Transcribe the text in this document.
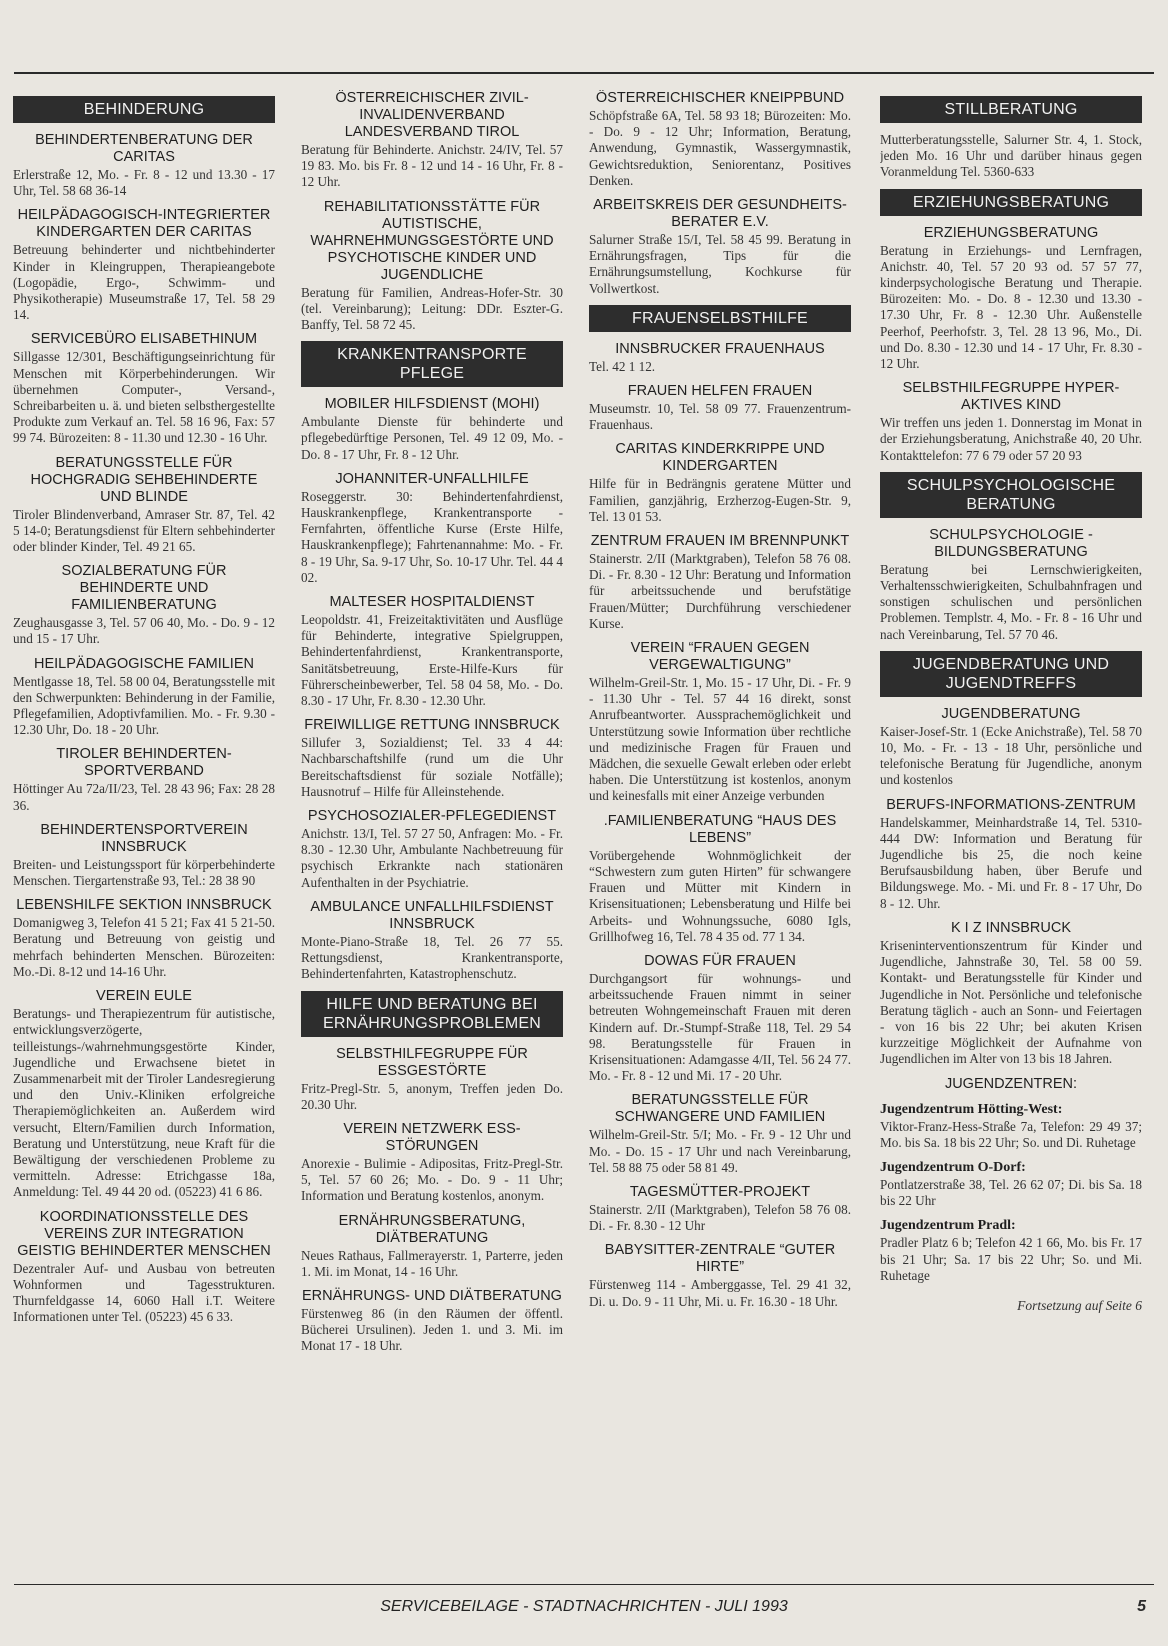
BEHINDERUNG
BEHINDERTENBERATUNG DER CARITAS
Erlerstraße 12, Mo. - Fr. 8 - 12 und 13.30 - 17 Uhr, Tel. 58 68 36-14
HEILPÄDAGOGISCH-INTEGRIERTER KINDERGARTEN DER CARITAS
Betreuung behinderter und nichtbehinderter Kinder in Kleingruppen, Therapieangebote (Logopädie, Ergo-, Schwimm- und Physikotherapie) Museumstraße 17, Tel. 58 29 14.
SERVICEBÜRO ELISABETHINUM
Sillgasse 12/301, Beschäftigungseinrichtung für Menschen mit Körperbehinderungen. Wir übernehmen Computer-, Versand-, Schreibarbeiten u. ä. und bieten selbsthergestellte Produkte zum Verkauf an. Tel. 58 16 96, Fax: 57 99 74. Bürozeiten: 8 - 11.30 und 12.30 - 16 Uhr.
BERATUNGSSTELLE FÜR HOCHGRADIG SEHBEHINDERTE UND BLINDE
Tiroler Blindenverband, Amraser Str. 87, Tel. 42 5 14-0; Beratungsdienst für Eltern sehbehinderter oder blinder Kinder, Tel. 49 21 65.
SOZIALBERATUNG FÜR BEHINDERTE UND FAMILIENBERATUNG
Zeughausgasse 3, Tel. 57 06 40, Mo. - Do. 9 - 12 und 15 - 17 Uhr.
HEILPÄDAGOGISCHE FAMILIEN
Mentlgasse 18, Tel. 58 00 04, Beratungsstelle mit den Schwerpunkten: Behinderung in der Familie, Pflegefamilien, Adoptivfamilien. Mo. - Fr. 9.30 - 12.30 Uhr, Do. 18 - 20 Uhr.
TIROLER BEHINDERTEN-SPORTVERBAND
Höttinger Au 72a/II/23, Tel. 28 43 96; Fax: 28 28 36.
BEHINDERTENSPORTVEREIN INNSBRUCK
Breiten- und Leistungssport für körperbehinderte Menschen. Tiergartenstraße 93, Tel.: 28 38 90
LEBENSHILFE SEKTION INNSBRUCK
Domanigweg 3, Telefon 41 5 21; Fax 41 5 21-50. Beratung und Betreuung von geistig und mehrfach behinderten Menschen. Bürozeiten: Mo.-Di. 8-12 und 14-16 Uhr.
VEREIN EULE
Beratungs- und Therapiezentrum für autistische, entwicklungsverzögerte, teilleistungs-/wahrnehmungsgestörte Kinder, Jugendliche und Erwachsene bietet in Zusammenarbeit mit der Tiroler Landesregierung und den Univ.-Kliniken erfolgreiche Therapiemöglichkeiten an. Außerdem wird versucht, Eltern/Familien durch Information, Beratung und Unterstützung, neue Kraft für die Bewältigung der verschiedenen Probleme zu vermitteln. Adresse: Etrichgasse 18a, Anmeldung: Tel. 49 44 20 od. (05223) 41 6 86.
KOORDINATIONSSTELLE DES VEREINS ZUR INTEGRATION GEISTIG BEHINDERTER MENSCHEN
Dezentraler Auf- und Ausbau von betreuten Wohnformen und Tagesstrukturen. Thurnfeldgasse 14, 6060 Hall i.T. Weitere Informationen unter Tel. (05223) 45 6 33.
ÖSTERREICHISCHER ZIVIL-INVALIDENVERBAND LANDESVERBAND TIROL
Beratung für Behinderte. Anichstr. 24/IV, Tel. 57 19 83. Mo. bis Fr. 8 - 12 und 14 - 16 Uhr, Fr. 8 - 12 Uhr.
REHABILITATIONSSTÄTTE FÜR AUTISTISCHE, WAHRNEHMUNGSGESTÖRTE UND PSYCHOTISCHE KINDER UND JUGENDLICHE
Beratung für Familien, Andreas-Hofer-Str. 30 (tel. Vereinbarung); Leitung: DDr. Eszter-G. Banffy, Tel. 58 72 45.
KRANKENTRANSPORTE PFLEGE
MOBILER HILFSDIENST (MOHI)
Ambulante Dienste für behinderte und pflegebedürftige Personen, Tel. 49 12 09, Mo. - Do. 8 - 17 Uhr, Fr. 8 - 12 Uhr.
JOHANNITER-UNFALLHILFE
Roseggerstr. 30: Behindertenfahrdienst, Hauskrankenpflege, Krankentransporte - Fernfahrten, öffentliche Kurse (Erste Hilfe, Hauskrankenpflege); Fahrtenannahme: Mo. - Fr. 8 - 19 Uhr, Sa. 9-17 Uhr, So. 10-17 Uhr. Tel. 44 4 02.
MALTESER HOSPITALDIENST
Leopoldstr. 41, Freizeitaktivitäten und Ausflüge für Behinderte, integrative Spielgruppen, Behindertenfahrdienst, Krankentransporte, Sanitätsbetreuung, Erste-Hilfe-Kurs für Führerscheinbewerber, Tel. 58 04 58, Mo. - Do. 8.30 - 17 Uhr, Fr. 8.30 - 12.30 Uhr.
FREIWILLIGE RETTUNG INNSBRUCK
Sillufer 3, Sozialdienst; Tel. 33 4 44: Nachbarschaftshilfe (rund um die Uhr Bereitschaftsdienst für soziale Notfälle); Hausnotruf – Hilfe für Alleinstehende.
PSYCHOSOZIALER-PFLEGEDIENST
Anichstr. 13/I, Tel. 57 27 50, Anfragen: Mo. - Fr. 8.30 - 12.30 Uhr, Ambulante Nachbetreuung für psychisch Erkrankte nach stationären Aufenthalten in der Psychiatrie.
AMBULANCE UNFALLHILFSDIENST INNSBRUCK
Monte-Piano-Straße 18, Tel. 26 77 55. Rettungsdienst, Krankentransporte, Behindertenfahrten, Katastrophenschutz.
HILFE UND BERATUNG BEI ERNÄHRUNGSPROBLEMEN
SELBSTHILFEGRUPPE FÜR ESSGESTÖRTE
Fritz-Pregl-Str. 5, anonym, Treffen jeden Do. 20.30 Uhr.
VEREIN NETZWERK ESS-STÖRUNGEN
Anorexie - Bulimie - Adipositas, Fritz-Pregl-Str. 5, Tel. 57 60 26; Mo. - Do. 9 - 11 Uhr; Information und Beratung kostenlos, anonym.
ERNÄHRUNGSBERATUNG, DIÄTBERATUNG
Neues Rathaus, Fallmerayerstr. 1, Parterre, jeden 1. Mi. im Monat, 14 - 16 Uhr.
ERNÄHRUNGS- UND DIÄTBERATUNG
Fürstenweg 86 (in den Räumen der öffentl. Bücherei Ursulinen). Jeden 1. und 3. Mi. im Monat 17 - 18 Uhr.
ÖSTERREICHISCHER KNEIPPBUND
Schöpfstraße 6A, Tel. 58 93 18; Bürozeiten: Mo. - Do. 9 - 12 Uhr; Information, Beratung, Anwendung, Gymnastik, Wassergymnastik, Gewichtsreduktion, Seniorentanz, Positives Denken.
ARBEITSKREIS DER GESUNDHEITS-BERATER E.V.
Salurner Straße 15/I, Tel. 58 45 99. Beratung in Ernährungsfragen, Tips für die Ernährungsumstellung, Kochkurse für Vollwertkost.
FRAUENSELBSTHILFE
INNSBRUCKER FRAUENHAUS
Tel. 42 1 12.
FRAUEN HELFEN FRAUEN
Museumstr. 10, Tel. 58 09 77. Frauenzentrum-Frauenhaus.
CARITAS KINDERKRIPPE UND KINDERGARTEN
Hilfe für in Bedrängnis geratene Mütter und Familien, ganzjährig, Erzherzog-Eugen-Str. 9, Tel. 13 01 53.
ZENTRUM FRAUEN IM BRENNPUNKT
Stainerstr. 2/II (Marktgraben), Telefon 58 76 08. Di. - Fr. 8.30 - 12 Uhr: Beratung und Information für arbeitssuchende und berufstätige Frauen/Mütter; Durchführung verschiedener Kurse.
VEREIN “FRAUEN GEGEN VERGEWALTIGUNG”
Wilhelm-Greil-Str. 1, Mo. 15 - 17 Uhr, Di. - Fr. 9 - 11.30 Uhr - Tel. 57 44 16 direkt, sonst Anrufbeantworter. Aussprachemöglichkeit und Unterstützung sowie Information über rechtliche und medizinische Fragen für Frauen und Mädchen, die sexuelle Gewalt erleben oder erlebt haben. Die Unterstützung ist kostenlos, anonym und keinesfalls mit einer Anzeige verbunden
.FAMILIENBERATUNG “HAUS DES LEBENS”
Vorübergehende Wohnmöglichkeit der “Schwestern zum guten Hirten” für schwangere Frauen und Mütter mit Kindern in Krisensituationen; Lebensberatung und Hilfe bei Arbeits- und Wohnungssuche, 6080 Igls, Grillhofweg 16, Tel. 78 4 35 od. 77 1 34.
DOWAS FÜR FRAUEN
Durchgangsort für wohnungs- und arbeitssuchende Frauen nimmt in seiner betreuten Wohngemeinschaft Frauen mit deren Kindern auf. Dr.-Stumpf-Straße 118, Tel. 29 54 98. Beratungsstelle für Frauen in Krisensituationen: Adamgasse 4/II, Tel. 56 24 77. Mo. - Fr. 8 - 12 und Mi. 17 - 20 Uhr.
BERATUNGSSTELLE FÜR SCHWANGERE UND FAMILIEN
Wilhelm-Greil-Str. 5/I; Mo. - Fr. 9 - 12 Uhr und Mo. - Do. 15 - 17 Uhr und nach Vereinbarung, Tel. 58 88 75 oder 58 81 49.
TAGESMÜTTER-PROJEKT
Stainerstr. 2/II (Marktgraben), Telefon 58 76 08. Di. - Fr. 8.30 - 12 Uhr
BABYSITTER-ZENTRALE “GUTER HIRTE”
Fürstenweg 114 - Amberggasse, Tel. 29 41 32, Di. u. Do. 9 - 11 Uhr, Mi. u. Fr. 16.30 - 18 Uhr.
STILLBERATUNG
Mutterberatungsstelle, Salurner Str. 4, 1. Stock, jeden Mo. 16 Uhr und darüber hinaus gegen Voranmeldung Tel. 5360-633
ERZIEHUNGSBERATUNG
ERZIEHUNGSBERATUNG
Beratung in Erziehungs- und Lernfragen, Anichstr. 40, Tel. 57 20 93 od. 57 57 77, kinderpsychologische Beratung und Therapie. Bürozeiten: Mo. - Do. 8 - 12.30 und 13.30 - 17.30 Uhr, Fr. 8 - 12.30 Uhr. Außenstelle Peerhof, Peerhofstr. 3, Tel. 28 13 96, Mo., Di. und Do. 8.30 - 12.30 und 14 - 17 Uhr, Fr. 8.30 - 12 Uhr.
SELBSTHILFEGRUPPE HYPER-AKTIVES KIND
Wir treffen uns jeden 1. Donnerstag im Monat in der Erziehungsberatung, Anichstraße 40, 20 Uhr. Kontakttelefon: 77 6 79 oder 57 20 93
SCHULPSYCHOLOGISCHE BERATUNG
SCHULPSYCHOLOGIE - BILDUNGSBERATUNG
Beratung bei Lernschwierigkeiten, Verhaltensschwierigkeiten, Schulbahnfragen und sonstigen schulischen und persönlichen Problemen. Templstr. 4, Mo. - Fr. 8 - 16 Uhr und nach Vereinbarung, Tel. 57 70 46.
JUGENDBERATUNG UND JUGENDTREFFS
JUGENDBERATUNG
Kaiser-Josef-Str. 1 (Ecke Anichstraße), Tel. 58 70 10, Mo. - Fr. - 13 - 18 Uhr, persönliche und telefonische Beratung für Jugendliche, anonym und kostenlos
BERUFS-INFORMATIONS-ZENTRUM
Handelskammer, Meinhardstraße 14, Tel. 5310-444 DW: Information und Beratung für Jugendliche bis 25, die noch keine Berufsausbildung haben, über Berufe und Bildungswege. Mo. - Mi. und Fr. 8 - 17 Uhr, Do 8 - 12. Uhr.
K I Z INNSBRUCK
Kriseninterventionszentrum für Kinder und Jugendliche, Jahnstraße 30, Tel. 58 00 59. Kontakt- und Beratungsstelle für Kinder und Jugendliche in Not. Persönliche und telefonische Beratung täglich - auch an Sonn- und Feiertagen - von 16 bis 22 Uhr; bei akuten Krisen kurzzeitige Möglichkeit der Aufnahme von Jugendlichen im Alter von 13 bis 18 Jahren.
JUGENDZENTREN:
Jugendzentrum Hötting-West:
Viktor-Franz-Hess-Straße 7a, Telefon: 29 49 37; Mo. bis Sa. 18 bis 22 Uhr; So. und Di. Ruhetage
Jugendzentrum O-Dorf:
Pontlatzerstraße 38, Tel. 26 62 07; Di. bis Sa. 18 bis 22 Uhr
Jugendzentrum Pradl:
Pradler Platz 6 b; Telefon 42 1 66, Mo. bis Fr. 17 bis 21 Uhr; Sa. 17 bis 22 Uhr; So. und Mi. Ruhetage
Fortsetzung auf Seite 6
SERVICEBEILAGE - STADTNACHRICHTEN - JULI 1993	5
